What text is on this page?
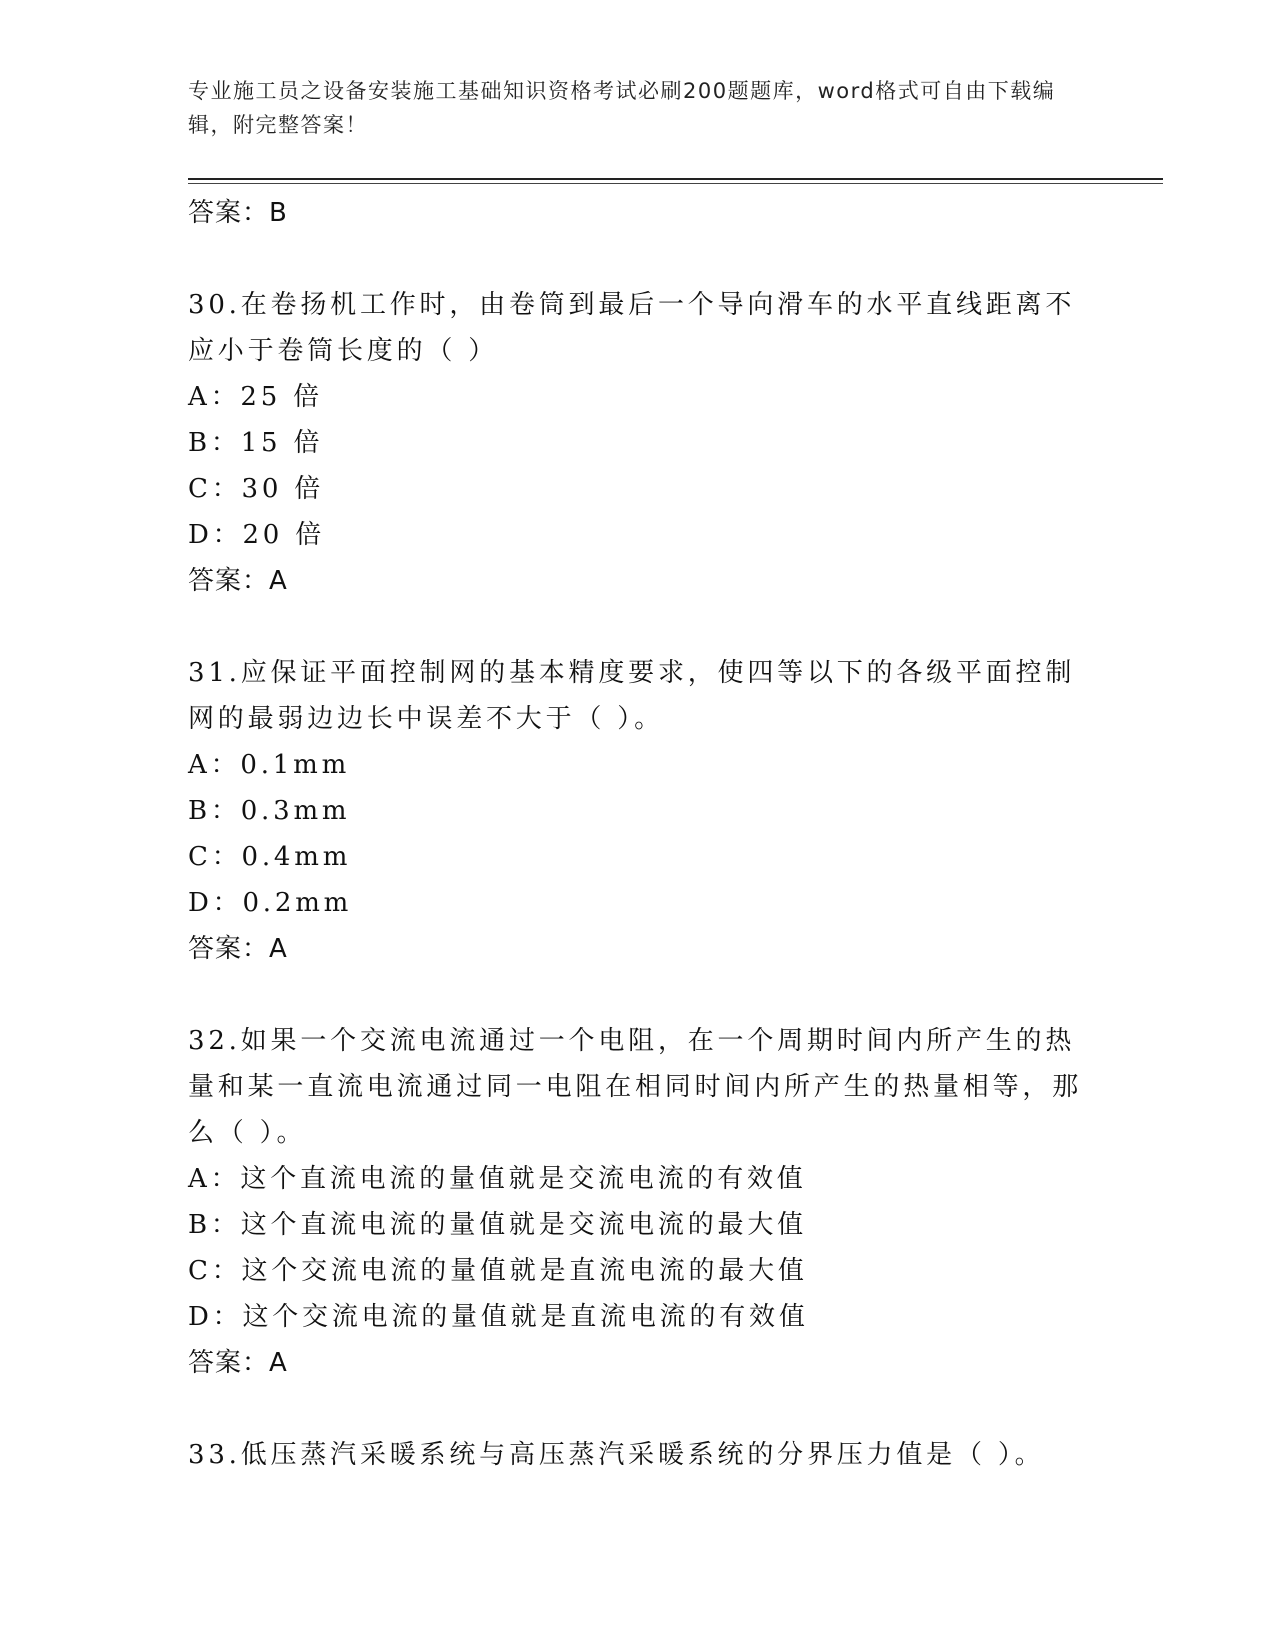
专业施工员之设备安装施工基础知识资格考试必刷200题题库，word格式可自由下载编辑，附完整答案！

答案：B

30.在卷扬机工作时，由卷筒到最后一个导向滑车的水平直线距离不应小于卷筒长度的（ ）

A：25 倍

B：15 倍

C：30 倍

D：20 倍

答案：A

31.应保证平面控制网的基本精度要求，使四等以下的各级平面控制网的最弱边边长中误差不大于（ ）。

A：0.1mm

B：0.3mm

C：0.4mm

D：0.2mm

答案：A

32.如果一个交流电流通过一个电阻，在一个周期时间内所产生的热量和某一直流电流通过同一电阻在相同时间内所产生的热量相等，那么（ ）。

A：这个直流电流的量值就是交流电流的有效值

B：这个直流电流的量值就是交流电流的最大值

C：这个交流电流的量值就是直流电流的最大值

D：这个交流电流的量值就是直流电流的有效值

答案：A

33.低压蒸汽采暖系统与高压蒸汽采暖系统的分界压力值是（ ）。
